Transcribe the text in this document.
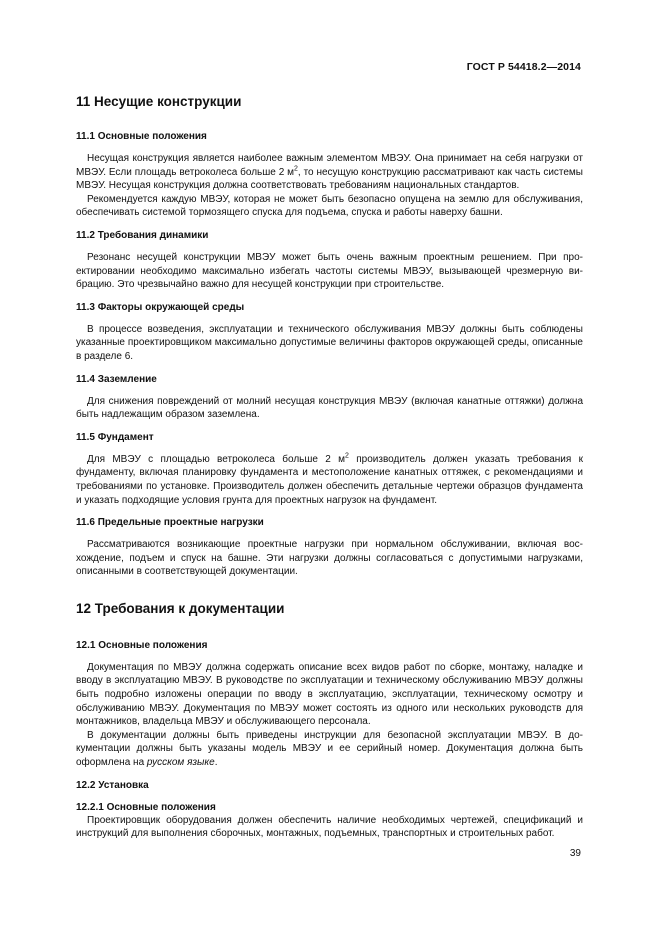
ГОСТ Р 54418.2—2014
11 Несущие конструкции
11.1 Основные положения

Несущая конструкция является наиболее важным элементом МВЭУ. Она принимает на себя нагрузки от МВЭУ. Если площадь ветроколеса больше 2 $м^2$, то несущую конструкцию рассматривают как часть системы МВЭУ. Несущая конструкция должна соответствовать требованиям национальных стандартов.

Рекомендуется каждую МВЭУ, которая не может быть безопасно опущена на землю для обслуживания, обеспечивать системой тормозящего спуска для подъема, спуска и работы наверху башни.

11.2 Требования динамики

Резонанс несущей конструкции МВЭУ может быть очень важным проектным решением. При проектировании необходимо максимально избегать частоты системы МВЭУ, вызывающей чрезмерную вибрацию. Это чрезвычайно важно для несущей конструкции при строительстве.

11.3 Факторы окружающей среды

В процессе возведения, эксплуатации и технического обслуживания МВЭУ должны быть соблюдены указанные проектировщиком максимально допустимые величины факторов окружающей среды, описанные в разделе 6.

11.4 Заземление

Для снижения повреждений от молний несущая конструкция МВЭУ (включая канатные оттяжки) должна быть надлежащим образом заземлена.

11.5 Фундамент

Для МВЭУ с площадью ветроколеса больше 2 $м^2$ производитель должен указать требования к фундаменту, включая планировку фундамента и местоположение канатных оттяжек, с рекомендациями и требованиями по установке. Производитель должен обеспечить детальные чертежи образцов фундамента и указать подходящие условия грунта для проектных нагрузок на фундамент.

11.6 Предельные проектные нагрузки

Рассматриваются возникающие проектные нагрузки при нормальном обслуживании, включая восхождение, подъем и спуск на башне. Эти нагрузки должны согласоваться с допустимыми нагрузками, описанными в соответствующей документации.

12 Требования к документации
12.1 Основные положения

Документация по МВЭУ должна содержать описание всех видов работ по сборке, монтажу, наладке и вводу в эксплуатацию МВЭУ. В руководстве по эксплуатации и техническому обслуживанию МВЭУ должны быть подробно изложены операции по вводу в эксплуатацию, эксплуатации, техническому осмотру и обслуживанию МВЭУ. Документация по МВЭУ может состоять из одного или нескольких руководств для монтажников, владельца МВЭУ и обслуживающего персонала.

В документации должны быть приведены инструкции для безопасной эксплуатации МВЭУ. В документации должны быть указаны модель МВЭУ и ее серийный номер. Документация должна быть оформлена на русском языке.

12.2 Установка
12.2.1 Основные положения

Проектировщик оборудования должен обеспечить наличие необходимых чертежей, спецификаций и инструкций для выполнения сборочных, монтажных, подъемных, транспортных и строительных работ.

39
